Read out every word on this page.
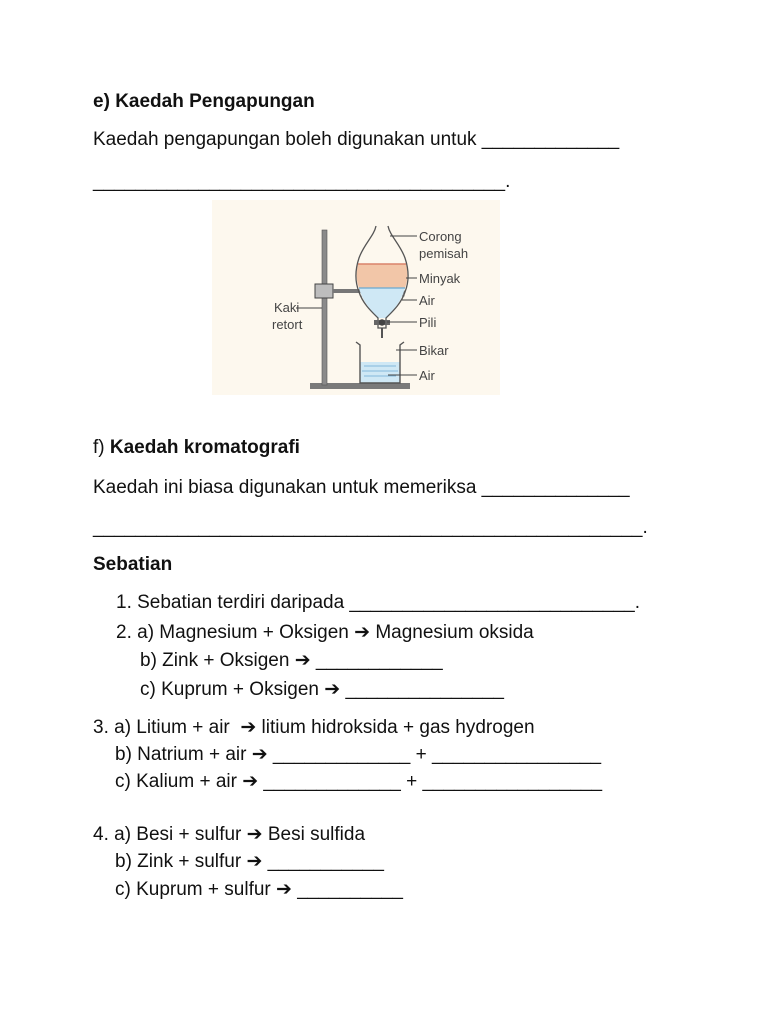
e) Kaedah Pengapungan
Kaedah pengapungan boleh digunakan untuk _____________
_______________________________________.
Corong
pemisah
Minyak
Air
Pili
Kaki
retort
Bikar
Air
f) Kaedah kromatografi
Kaedah ini biasa digunakan untuk memeriksa ______________
____________________________________________________.
Sebatian
1. Sebatian terdiri daripada ___________________________.
2. a) Magnesium + Oksigen ➔ Magnesium oksida
b) Zink + Oksigen ➔ ____________
c) Kuprum + Oksigen ➔ _______________
3. a) Litium + air  ➔ litium hidroksida + gas hydrogen
b) Natrium + air ➔ _____________ + ________________
c) Kalium + air ➔ _____________ + _________________
4. a) Besi + sulfur ➔ Besi sulfida
b) Zink + sulfur ➔ ___________
c) Kuprum + sulfur ➔ __________
